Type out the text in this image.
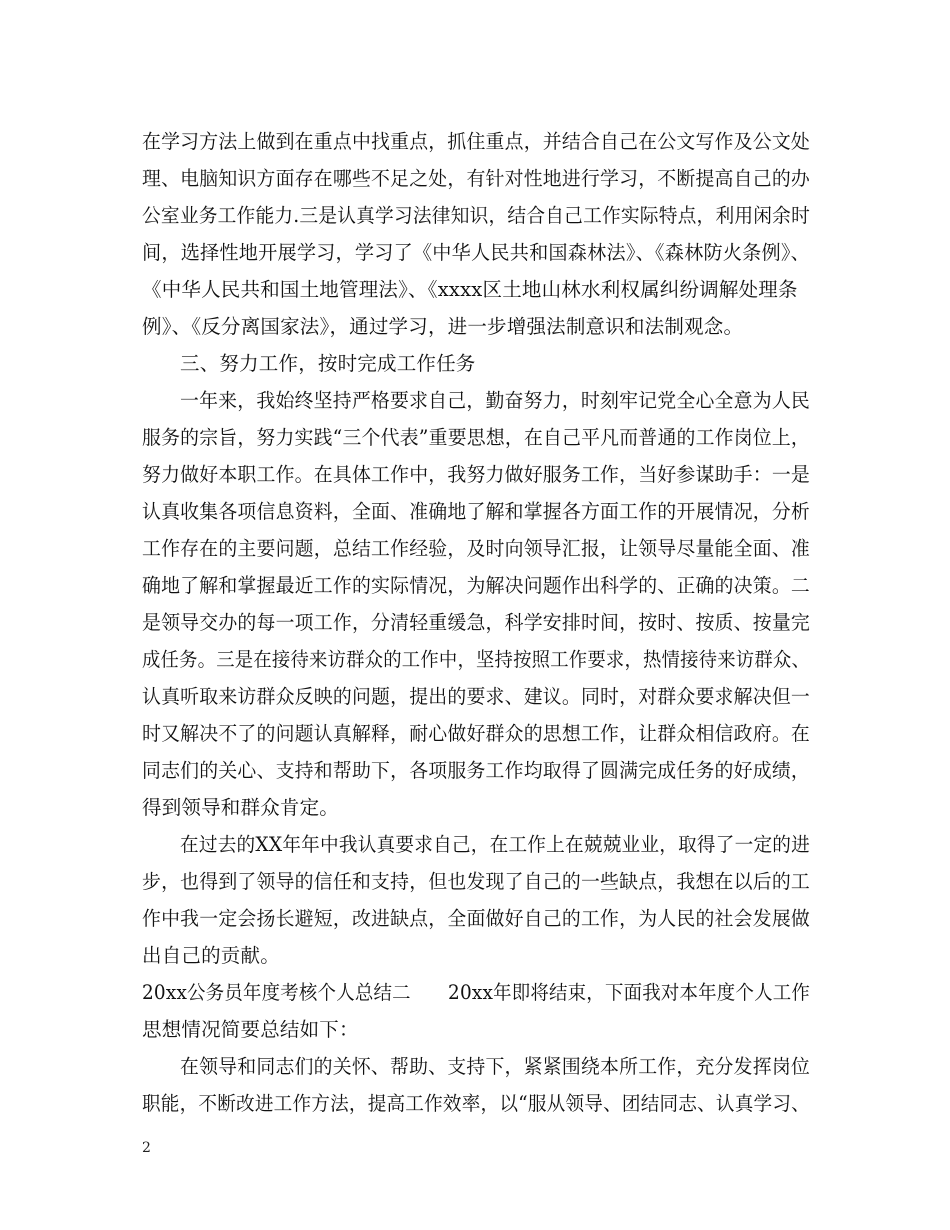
在学习方法上做到在重点中找重点，抓住重点，并结合自己在公文写作及公文处
理、电脑知识方面存在哪些不足之处，有针对性地进行学习，不断提高自己的办
公室业务工作能力.三是认真学习法律知识，结合自己工作实际特点，利用闲余时
间，选择性地开展学习，学习了《中华人民共和国森林法》、《森林防火条例》、
《中华人民共和国土地管理法》、《xxxx区土地山林水利权属纠纷调解处理条
例》、《反分离国家法》，通过学习，进一步增强法制意识和法制观念。
三、努力工作，按时完成工作任务
一年来，我始终坚持严格要求自己，勤奋努力，时刻牢记党全心全意为人民
服务的宗旨，努力实践“三个代表”重要思想，在自己平凡而普通的工作岗位上，
努力做好本职工作。在具体工作中，我努力做好服务工作，当好参谋助手：一是
认真收集各项信息资料，全面、准确地了解和掌握各方面工作的开展情况，分析
工作存在的主要问题，总结工作经验，及时向领导汇报，让领导尽量能全面、准
确地了解和掌握最近工作的实际情况，为解决问题作出科学的、正确的决策。二
是领导交办的每一项工作，分清轻重缓急，科学安排时间，按时、按质、按量完
成任务。三是在接待来访群众的工作中，坚持按照工作要求，热情接待来访群众、
认真听取来访群众反映的问题，提出的要求、建议。同时，对群众要求解决但一
时又解决不了的问题认真解释，耐心做好群众的思想工作，让群众相信政府。在
同志们的关心、支持和帮助下，各项服务工作均取得了圆满完成任务的好成绩，
得到领导和群众肯定。
在过去的XX年年中我认真要求自己，在工作上在兢兢业业，取得了一定的进
步，也得到了领导的信任和支持，但也发现了自己的一些缺点，我想在以后的工
作中我一定会扬长避短，改进缺点，全面做好自己的工作，为人民的社会发展做
出自己的贡献。
20xx公务员年度考核个人总结二　　20xx年即将结束，下面我对本年度个人工作
思想情况简要总结如下：
在领导和同志们的关怀、帮助、支持下，紧紧围绕本所工作，充分发挥岗位
职能，不断改进工作方法，提高工作效率，以“服从领导、团结同志、认真学习、
2
